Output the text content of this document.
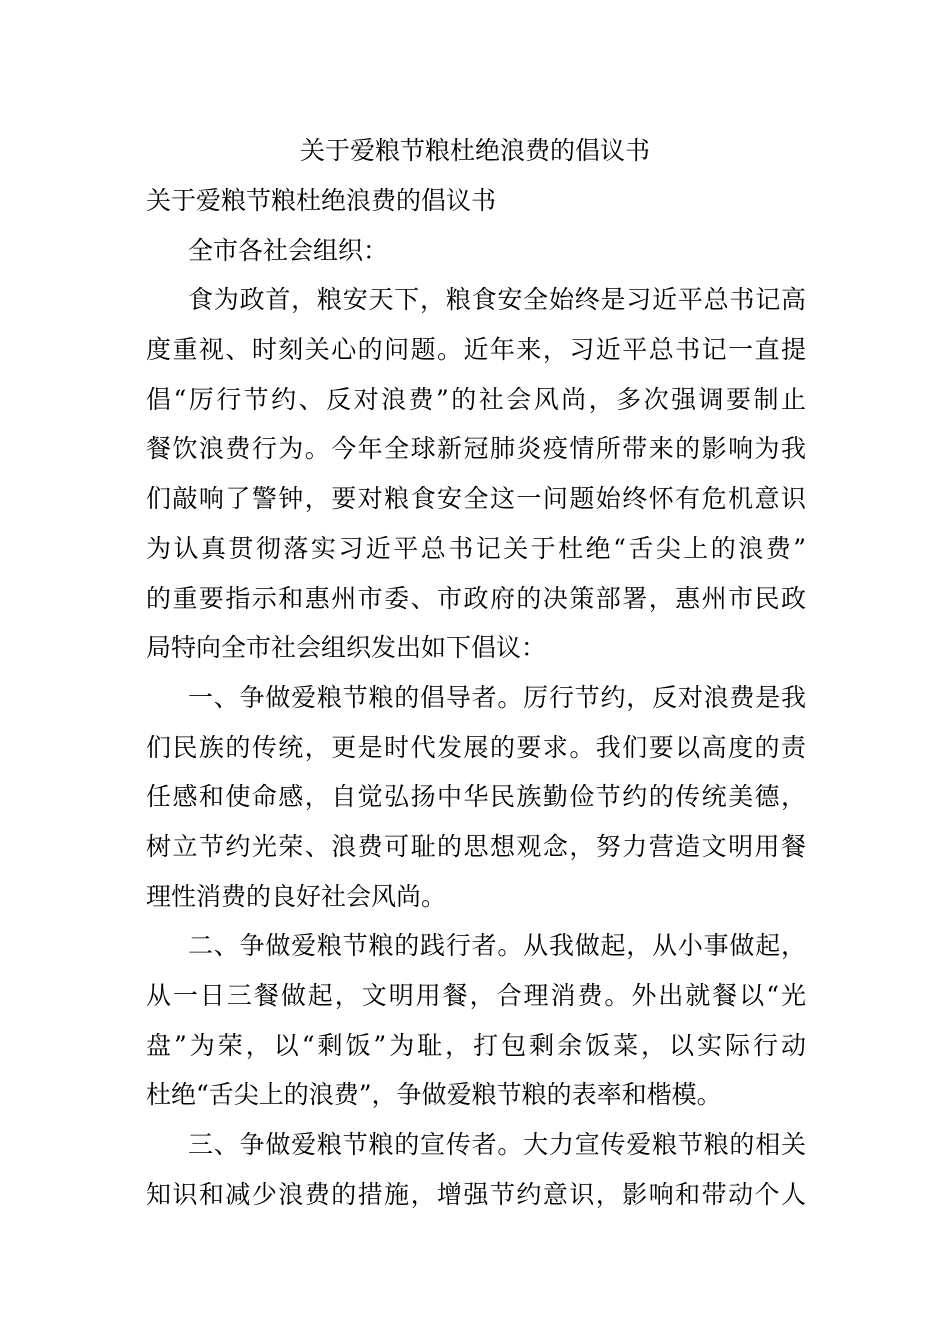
关于爱粮节粮杜绝浪费的倡议书
关于爱粮节粮杜绝浪费的倡议书
全市各社会组织：
食为政首，粮安天下，粮食安全始终是习近平总书记高
度重视、时刻关心的问题。近年来，习近平总书记一直提
倡“厉行节约、反对浪费”的社会风尚，多次强调要制止
餐饮浪费行为。今年全球新冠肺炎疫情所带来的影响为我
们敲响了警钟，要对粮食安全这一问题始终怀有危机意识
为认真贯彻落实习近平总书记关于杜绝“舌尖上的浪费”
的重要指示和惠州市委、市政府的决策部署，惠州市民政
局特向全市社会组织发出如下倡议：
一、争做爱粮节粮的倡导者。厉行节约，反对浪费是我
们民族的传统，更是时代发展的要求。我们要以高度的责
任感和使命感，自觉弘扬中华民族勤俭节约的传统美德，
树立节约光荣、浪费可耻的思想观念，努力营造文明用餐
理性消费的良好社会风尚。
二、争做爱粮节粮的践行者。从我做起，从小事做起，
从一日三餐做起，文明用餐，合理消费。外出就餐以“光
盘”为荣，以“剩饭”为耻，打包剩余饭菜，以实际行动
杜绝“舌尖上的浪费”，争做爱粮节粮的表率和楷模。
三、争做爱粮节粮的宣传者。大力宣传爱粮节粮的相关
知识和减少浪费的措施，增强节约意识，影响和带动个人
